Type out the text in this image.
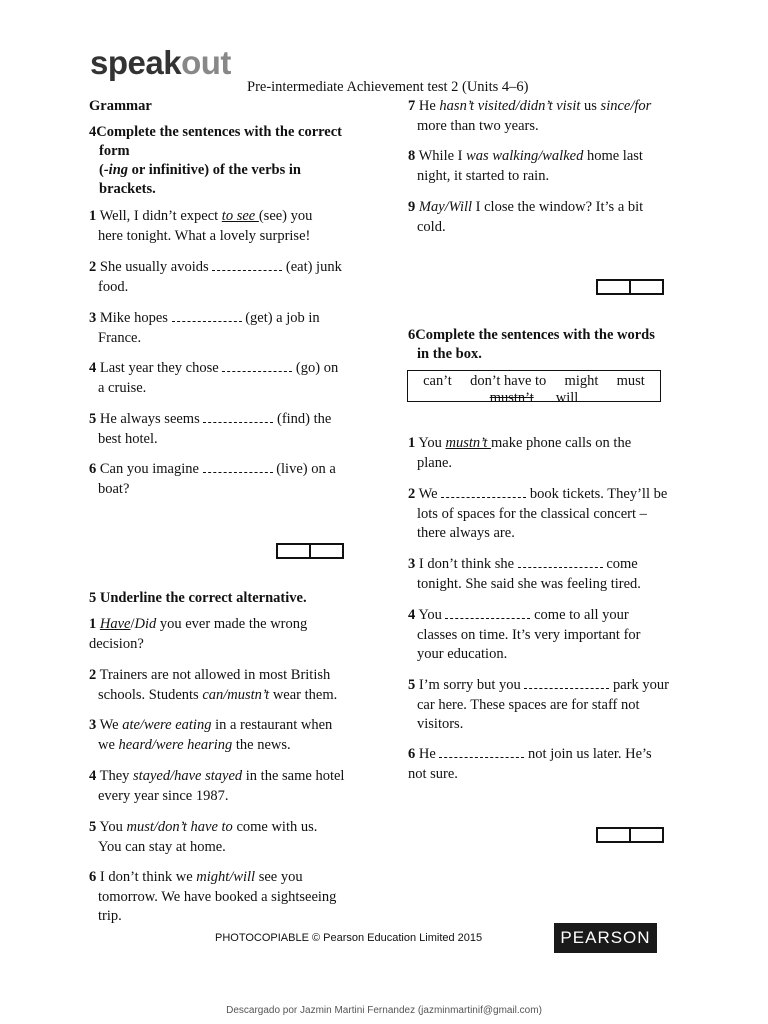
speakout
Pre-intermediate Achievement test 2 (Units 4–6)
Grammar
4Complete the sentences with the correct
form
(-ing or infinitive) of the verbs in
brackets.
1 Well, I didn’t expect to see (see) you
here tonight. What a lovely surprise!
2 She usually avoids	(eat) junk
food.
3 Mike hopes	(get) a job in
France.
4 Last year they chose	(go) on
a cruise.
5 He always seems	(find) the
best hotel.
6 Can you imagine	(live) on a
boat?
5 Underline the correct alternative.
1 Have/Did you ever made the wrong
decision?
2 Trainers are not allowed in most British
schools. Students can/mustn’t wear them.
3 We ate/were eating in a restaurant when
we heard/were hearing the news.
4 They stayed/have stayed in the same hotel
every year since 1987.
5 You must/don’t have to come with us.
You can stay at home.
6 I don’t think we might/will see you
tomorrow. We have booked a sightseeing
trip.
7 He hasn’t visited/didn’t visit us since/for
more than two years.
8 While I was walking/walked home last
night, it started to rain.
9 May/Will I close the window? It’s a bit
cold.
6Complete the sentences with the words
in the box.
can’t don’t have to might must
mustn’t will
1 You mustn’t make phone calls on the
plane.
2 We	book tickets. They’ll be
lots of spaces for the classical concert –
there always are.
3 I don’t think she	come
tonight. She said she was feeling tired.
4 You	come to all your
classes on time. It’s very important for
your education.
5 I’m sorry but you	park your
car here. These spaces are for staff not
visitors.
6 He	not join us later. He’s
not sure.
PHOTOCOPIABLE © Pearson Education Limited 2015	PEARSON
Descargado por Jazmin Martini Fernandez (jazminmartinif@gmail.com)
